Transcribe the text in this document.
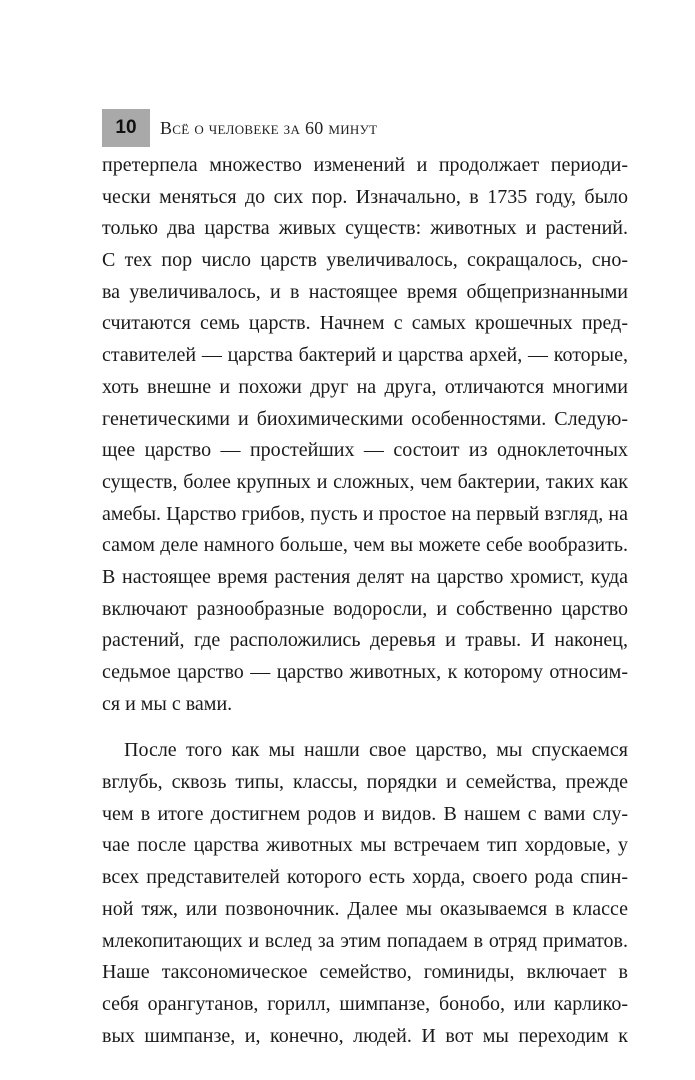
10	Всё о человеке за 60 минут
претерпела множество изменений и продолжает периоди-
чески меняться до сих пор. Изначально, в 1735 году, было
только два царства живых существ: животных и растений.
С тех пор число царств увеличивалось, сокращалось, сно-
ва увеличивалось, и в настоящее время общепризнанными
считаются семь царств. Начнем с самых крошечных пред-
ставителей — царства бактерий и царства архей, — которые,
хоть внешне и похожи друг на друга, отличаются многими
генетическими и биохимическими особенностями. Следую-
щее царство — простейших — состоит из одноклеточных
существ, более крупных и сложных, чем бактерии, таких как
амебы. Царство грибов, пусть и простое на первый взгляд, на
самом деле намного больше, чем вы можете себе вообразить.
В настоящее время растения делят на царство хромист, куда
включают разнообразные водоросли, и собственно царство
растений, где расположились деревья и травы. И наконец,
седьмое царство — царство животных, к которому относим-
ся и мы с вами.
После того как мы нашли свое царство, мы спускаемся
вглубь, сквозь типы, классы, порядки и семейства, прежде
чем в итоге достигнем родов и видов. В нашем с вами слу-
чае после царства животных мы встречаем тип хордовые, у
всех представителей которого есть хорда, своего рода спин-
ной тяж, или позвоночник. Далее мы оказываемся в классе
млекопитающих и вслед за этим попадаем в отряд приматов.
Наше таксономическое семейство, гоминиды, включает в
себя орангутанов, горилл, шимпанзе, бонобо, или карлико-
вых шимпанзе, и, конечно, людей. И вот мы переходим к
